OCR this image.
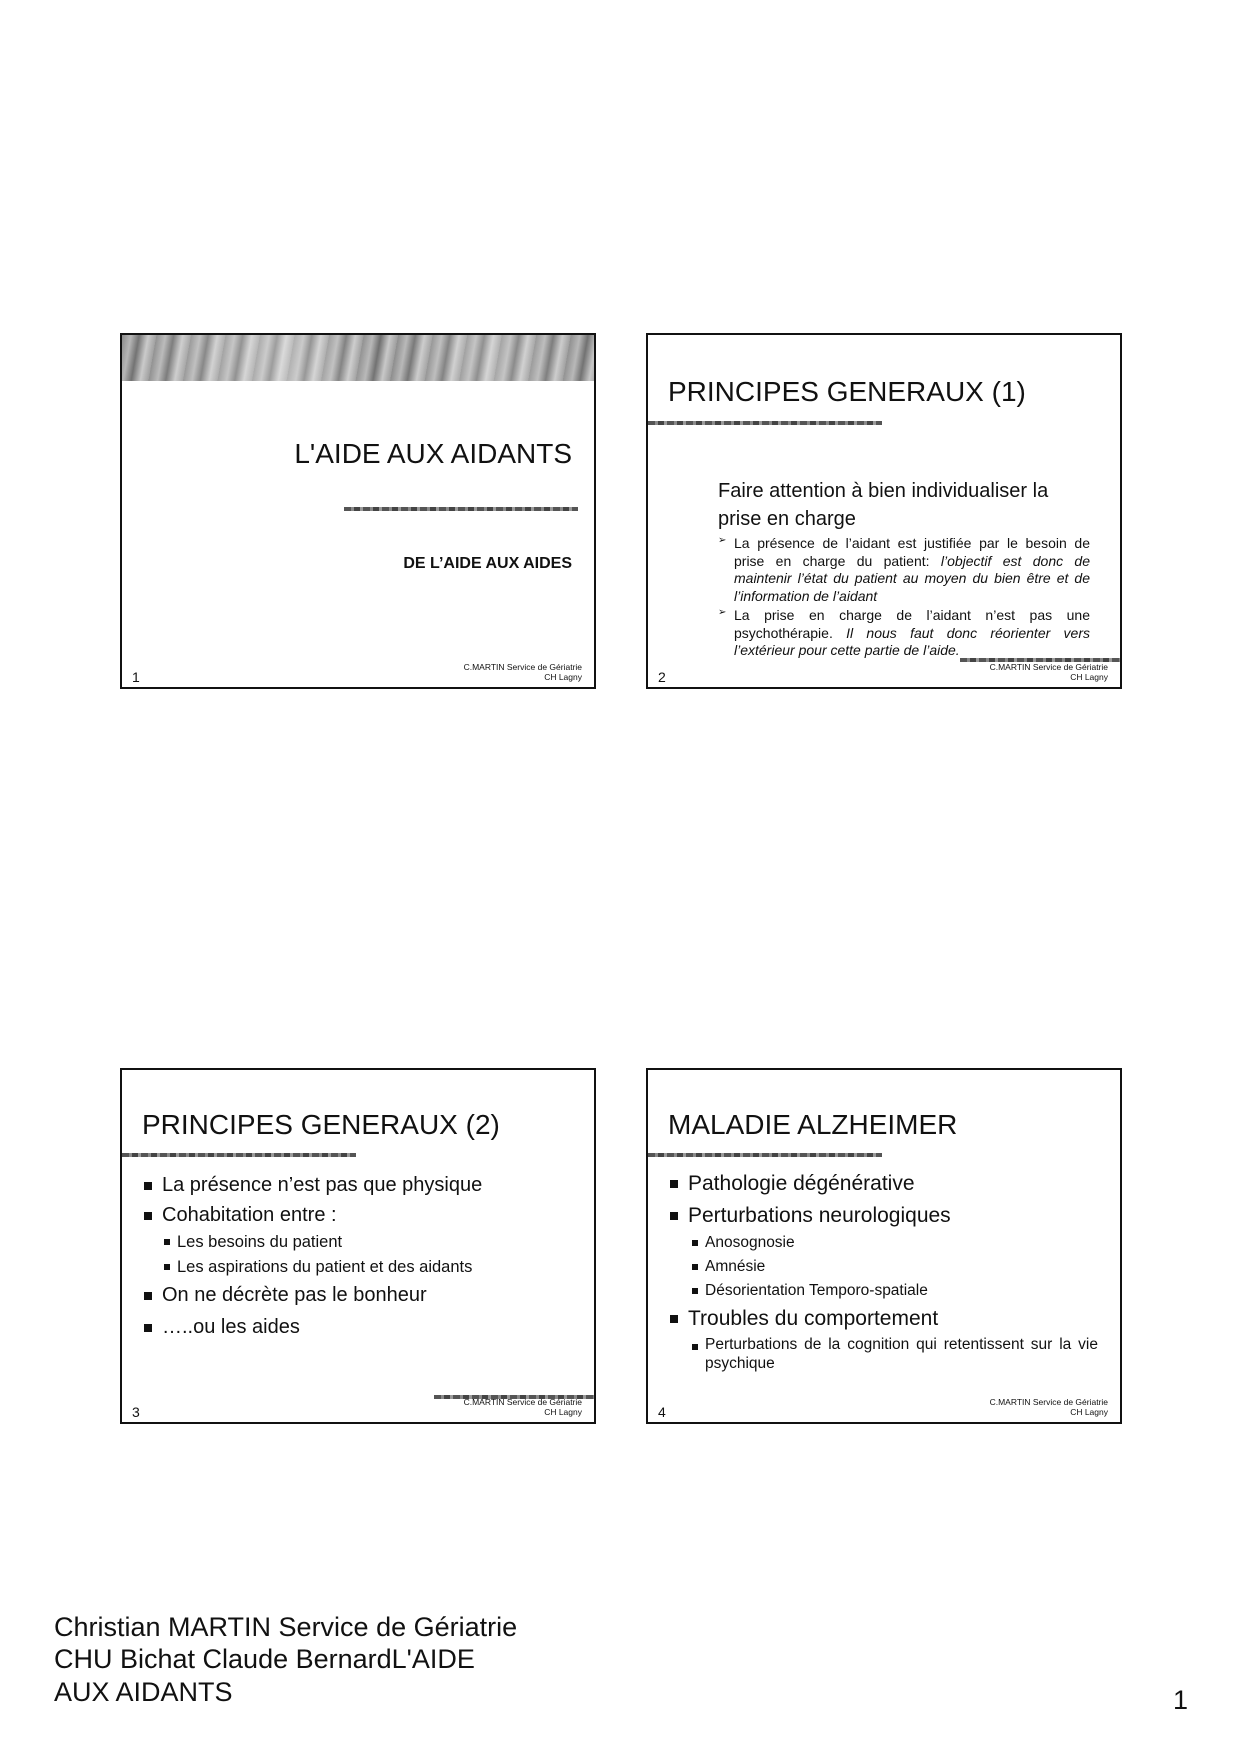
L'AIDE AUX AIDANTS
DE L’AIDE AUX AIDES
1
C.MARTIN Service de Gériatrie
CH Lagny
PRINCIPES GENERAUX (1)
Faire attention à bien individualiser la prise en charge
➢ La présence de l’aidant est justifiée par le besoin de prise en charge du patient: l’objectif est donc de maintenir l’état du patient au moyen du bien être et de l’information de l’aidant
➢ La prise en charge de l’aidant n’est pas une psychothérapie. Il nous faut donc réorienter vers l’extérieur pour cette partie de l’aide.
2
C.MARTIN Service de Gériatrie
CH Lagny
PRINCIPES GENERAUX (2)
La présence n’est pas que physique
Cohabitation entre :
Les besoins du patient
Les aspirations du patient et des aidants
On ne décrète pas le bonheur
…..ou les aides
3
C.MARTIN Service de Gériatrie
CH Lagny
MALADIE ALZHEIMER
Pathologie dégénérative
Perturbations neurologiques
Anosognosie
Amnésie
Désorientation Temporo-spatiale
Troubles du comportement
Perturbations de la cognition qui retentissent sur la vie psychique
4
C.MARTIN Service de Gériatrie
CH Lagny
Christian MARTIN Service de Gériatrie
CHU Bichat Claude BernardL'AIDE
AUX AIDANTS	1
